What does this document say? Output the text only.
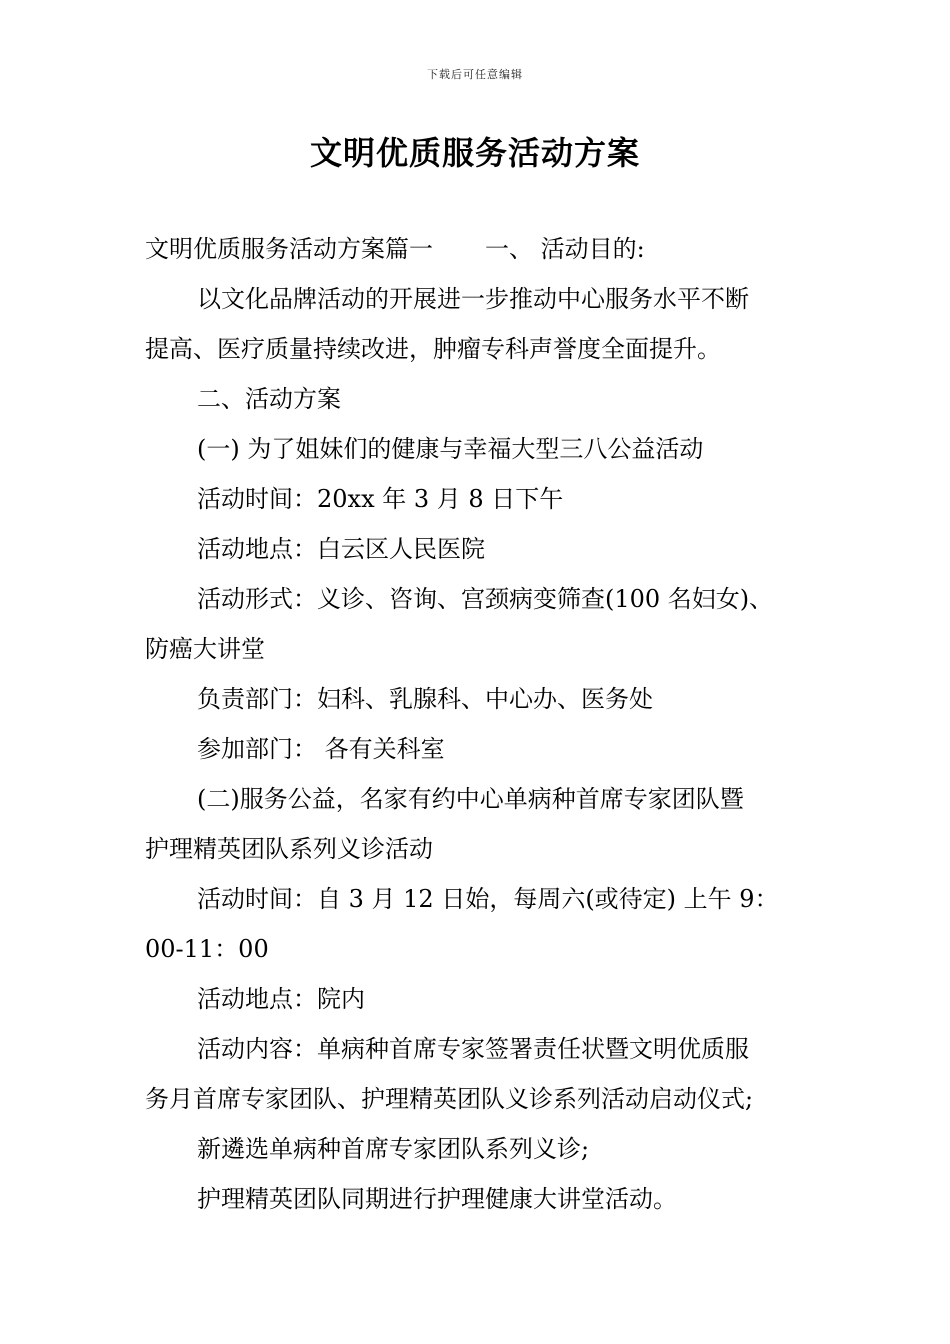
下载后可任意编辑
文明优质服务活动方案
文明优质服务活动方案篇一 一、 活动目的:
以文化品牌活动的开展进一步推动中心服务水平不断
提高、医疗质量持续改进，肿瘤专科声誉度全面提升。
二、活动方案
(一) 为了姐妹们的健康与幸福大型三八公益活动
活动时间：20xx 年 3 月 8 日下午
活动地点：白云区人民医院
活动形式：义诊、咨询、宫颈病变筛查(100 名妇女)、
防癌大讲堂
负责部门：妇科、乳腺科、中心办、医务处
参加部门： 各有关科室
(二)服务公益，名家有约中心单病种首席专家团队暨
护理精英团队系列义诊活动
活动时间：自 3 月 12 日始，每周六(或待定) 上午 9：
00-11：00
活动地点：院内
活动内容：单病种首席专家签署责任状暨文明优质服
务月首席专家团队、护理精英团队义诊系列活动启动仪式;
新遴选单病种首席专家团队系列义诊;
护理精英团队同期进行护理健康大讲堂活动。
